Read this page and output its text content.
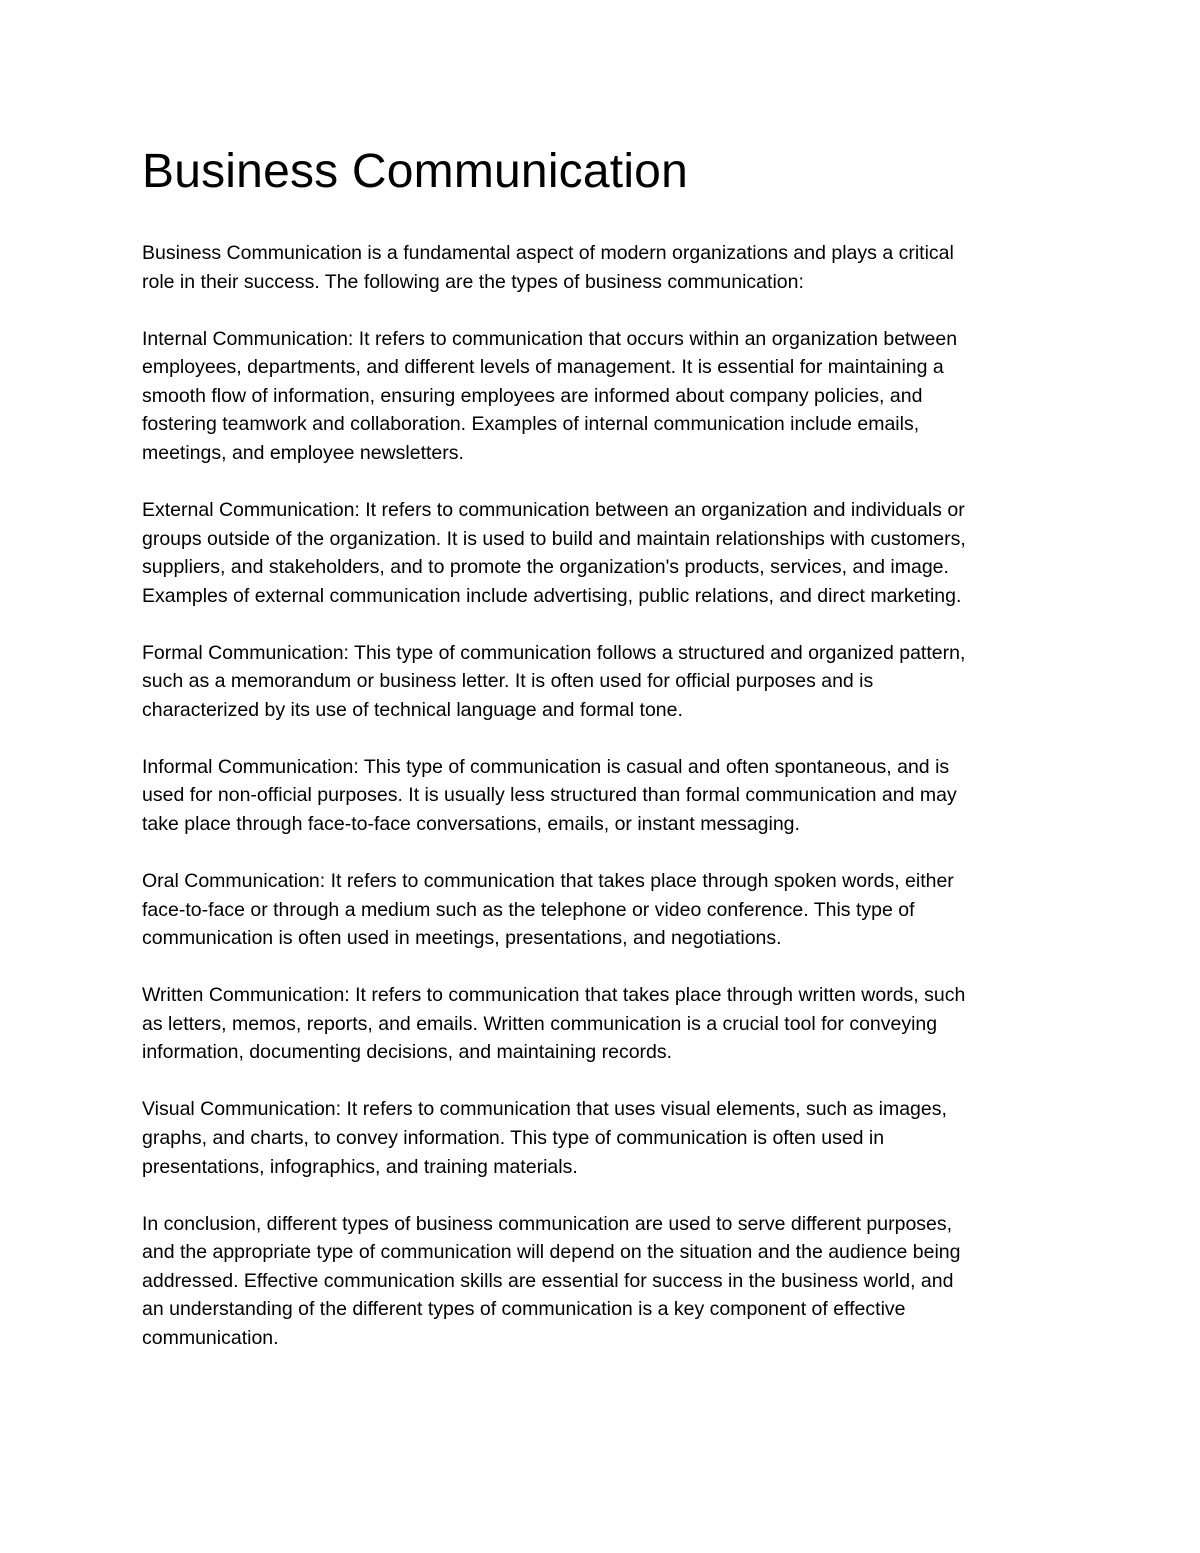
Business Communication
Business Communication is a fundamental aspect of modern organizations and plays a critical
role in their success. The following are the types of business communication:
Internal Communication: It refers to communication that occurs within an organization between
employees, departments, and different levels of management. It is essential for maintaining a
smooth flow of information, ensuring employees are informed about company policies, and
fostering teamwork and collaboration. Examples of internal communication include emails,
meetings, and employee newsletters.
External Communication: It refers to communication between an organization and individuals or
groups outside of the organization. It is used to build and maintain relationships with customers,
suppliers, and stakeholders, and to promote the organization's products, services, and image.
Examples of external communication include advertising, public relations, and direct marketing.
Formal Communication: This type of communication follows a structured and organized pattern,
such as a memorandum or business letter. It is often used for official purposes and is
characterized by its use of technical language and formal tone.
Informal Communication: This type of communication is casual and often spontaneous, and is
used for non-official purposes. It is usually less structured than formal communication and may
take place through face-to-face conversations, emails, or instant messaging.
Oral Communication: It refers to communication that takes place through spoken words, either
face-to-face or through a medium such as the telephone or video conference. This type of
communication is often used in meetings, presentations, and negotiations.
Written Communication: It refers to communication that takes place through written words, such
as letters, memos, reports, and emails. Written communication is a crucial tool for conveying
information, documenting decisions, and maintaining records.
Visual Communication: It refers to communication that uses visual elements, such as images,
graphs, and charts, to convey information. This type of communication is often used in
presentations, infographics, and training materials.
In conclusion, different types of business communication are used to serve different purposes,
and the appropriate type of communication will depend on the situation and the audience being
addressed. Effective communication skills are essential for success in the business world, and
an understanding of the different types of communication is a key component of effective
communication.
